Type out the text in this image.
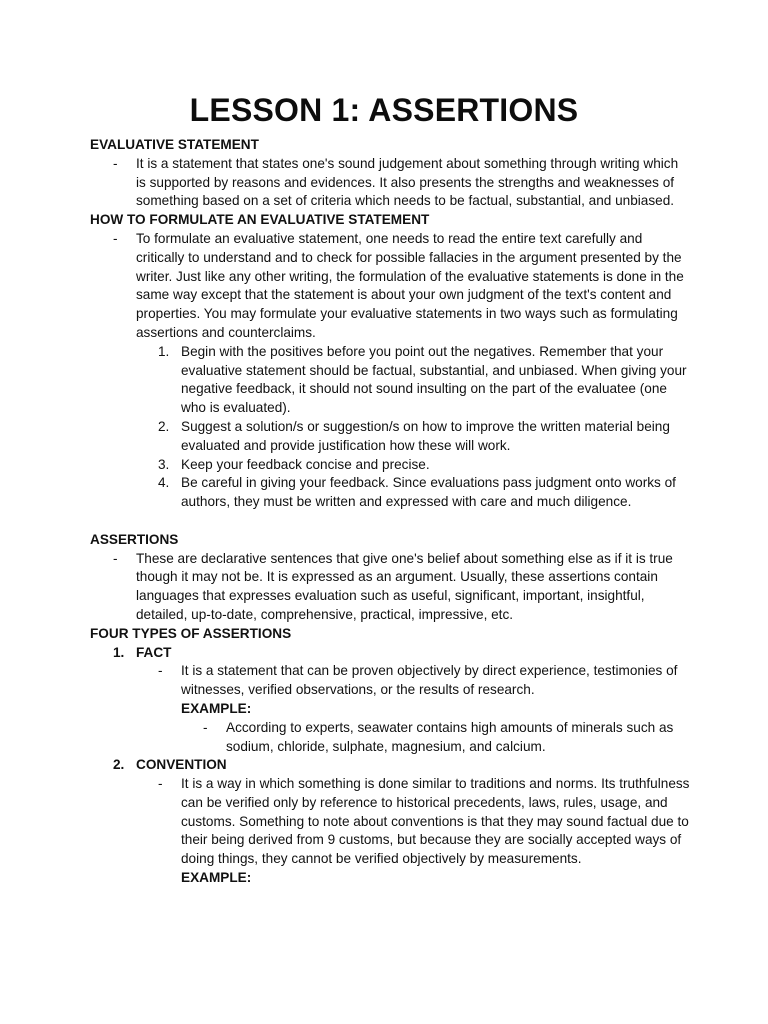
LESSON 1: ASSERTIONS

EVALUATIVE STATEMENT

- It is a statement that states one's sound judgement about something through writing which is supported by reasons and evidences. It also presents the strengths and weaknesses of something based on a set of criteria which needs to be factual, substantial, and unbiased.

HOW TO FORMULATE AN EVALUATIVE STATEMENT

- To formulate an evaluative statement, one needs to read the entire text carefully and critically to understand and to check for possible fallacies in the argument presented by the writer. Just like any other writing, the formulation of the evaluative statements is done in the same way except that the statement is about your own judgment of the text's content and properties. You may formulate your evaluative statements in two ways such as formulating assertions and counterclaims.
1. Begin with the positives before you point out the negatives. Remember that your evaluative statement should be factual, substantial, and unbiased. When giving your negative feedback, it should not sound insulting on the part of the evaluatee (one who is evaluated).
2. Suggest a solution/s or suggestion/s on how to improve the written material being evaluated and provide justification how these will work.
3. Keep your feedback concise and precise.
4. Be careful in giving your feedback. Since evaluations pass judgment onto works of authors, they must be written and expressed with care and much diligence.

ASSERTIONS

- These are declarative sentences that give one's belief about something else as if it is true though it may not be. It is expressed as an argument. Usually, these assertions contain languages that expresses evaluation such as useful, significant, important, insightful, detailed, up-to-date, comprehensive, practical, impressive, etc.

FOUR TYPES OF ASSERTIONS

1. FACT
- It is a statement that can be proven objectively by direct experience, testimonies of witnesses, verified observations, or the results of research.
EXAMPLE:
- According to experts, seawater contains high amounts of minerals such as sodium, chloride, sulphate, magnesium, and calcium.
2. CONVENTION
- It is a way in which something is done similar to traditions and norms. Its truthfulness can be verified only by reference to historical precedents, laws, rules, usage, and customs. Something to note about conventions is that they may sound factual due to their being derived from 9 customs, but because they are socially accepted ways of doing things, they cannot be verified objectively by measurements.
EXAMPLE:
